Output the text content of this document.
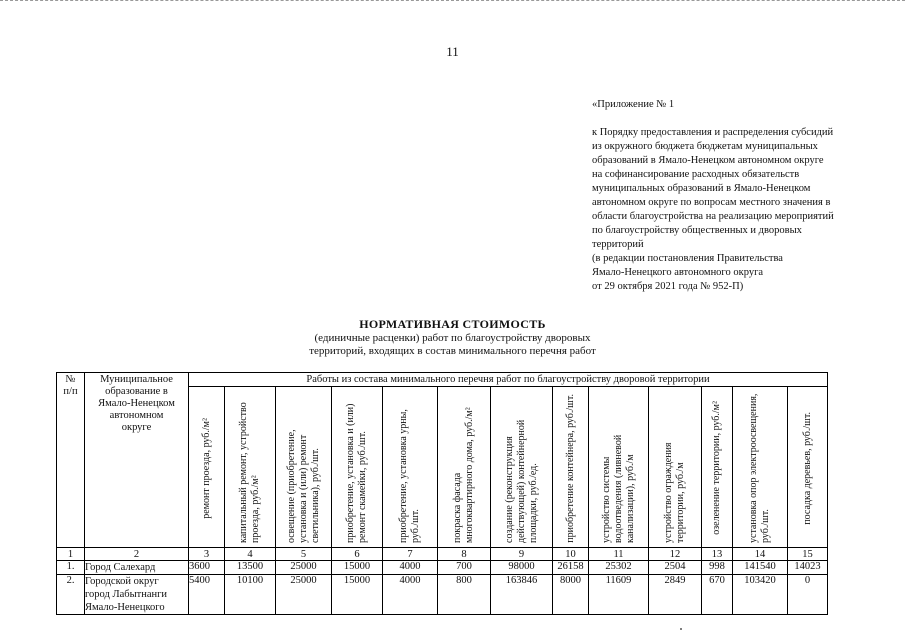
11
«Приложение № 1
к Порядку предоставления и распределения субсидий
из окружного бюджета бюджетам муниципальных
образований в Ямало-Ненецком автономном округе
на софинансирование расходных обязательств
муниципальных образований в Ямало-Ненецком
автономном округе по вопросам местного значения в
области благоустройства на реализацию мероприятий
по благоустройству общественных и дворовых
территорий
(в редакции постановления Правительства
Ямало-Ненецкого автономного округа
от 29 октября 2021 года № 952-П)
НОРМАТИВНАЯ СТОИМОСТЬ
(единичные расценки) работ по благоустройству дворовых
территорий, входящих в состав минимального перечня работ
№
п/п	Муниципальное
образование в
Ямало-Ненецком
автономном
округе	Работы из состава минимального перечня работ по благоустройству дворовой территории												

		ремонт проезда, руб./м²	капитальный ремонт, устройство проезда, руб./м²	освещение (приобретение, установка и (или) ремонт светильника), руб./шт.	приобретение, установка и (или) ремонт скамейки, руб./шт.	приобретение, установка урны, руб./шт.	покраска фасада многоквартирного дома, руб./м²	создание (реконструкция действующей) контейнерной площадки, руб./ед.	приобретение контейнера, руб./шт.	устройство системы водоотведения (ливневой канализации), руб./м	устройство ограждения территории, руб./м	озеленение территории, руб./м²	установка опор электроосвещения, руб./шт.	посадка деревьев, руб./шт.

1	2	3	4	5	6	7	8	9	10	11	12	13	14	15
1.	Город Салехард	3600	13500	25000	15000	4000	700	98000	26158	25302	2504	998	141540	14023
2.	Городской округ
город Лабытнанги
Ямало-Ненецкого	5400	10100	25000	15000	4000	800	163846	8000	11609	2849	670	103420	0
